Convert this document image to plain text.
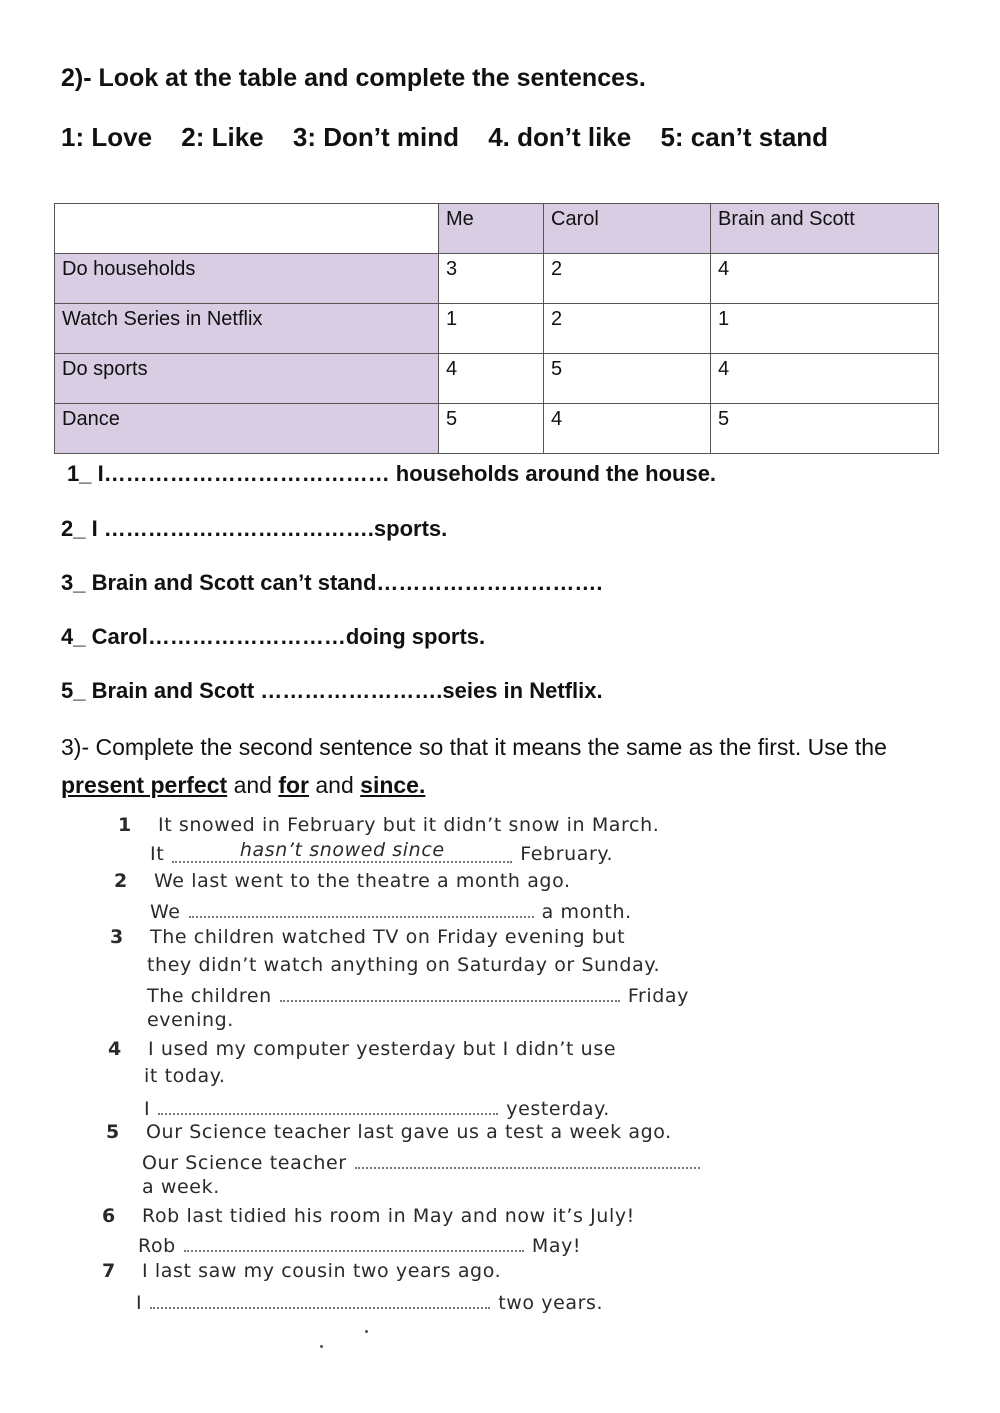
2)- Look at the table and complete the sentences.

1: Love 2: Like 3: Don’t mind 4. don’t like 5: can’t stand

	Me	Carol	Brain and Scott
Do households	3	2	4
Watch Series in Netflix	1	2	1
Do sports	4	5	4
Dance	5	4	5

1_ I………………………………… households around the house.

2_ I ……………………………….sports.

3_ Brain and Scott can’t stand………………………….

4_ Carol………………………doing sports.

5_ Brain and Scott …………………….seies in Netflix.

3)- Complete the second sentence so that it means the same as the first. Use the present perfect and for and since.

1 It snowed in February but it didn’t snow in March.
It	hasn’t snowed since	February.
2 We last went to the theatre a month ago.
We	a month.
3 The children watched TV on Friday evening but
they didn’t watch anything on Saturday or Sunday.
The children	Friday
evening.
4 I used my computer yesterday but I didn’t use
it today.
I	yesterday.
5 Our Science teacher last gave us a test a week ago.
Our Science teacher
a week.
6 Rob last tidied his room in May and now it’s July!
Rob	May!
7 I last saw my cousin two years ago.
I	two years.
